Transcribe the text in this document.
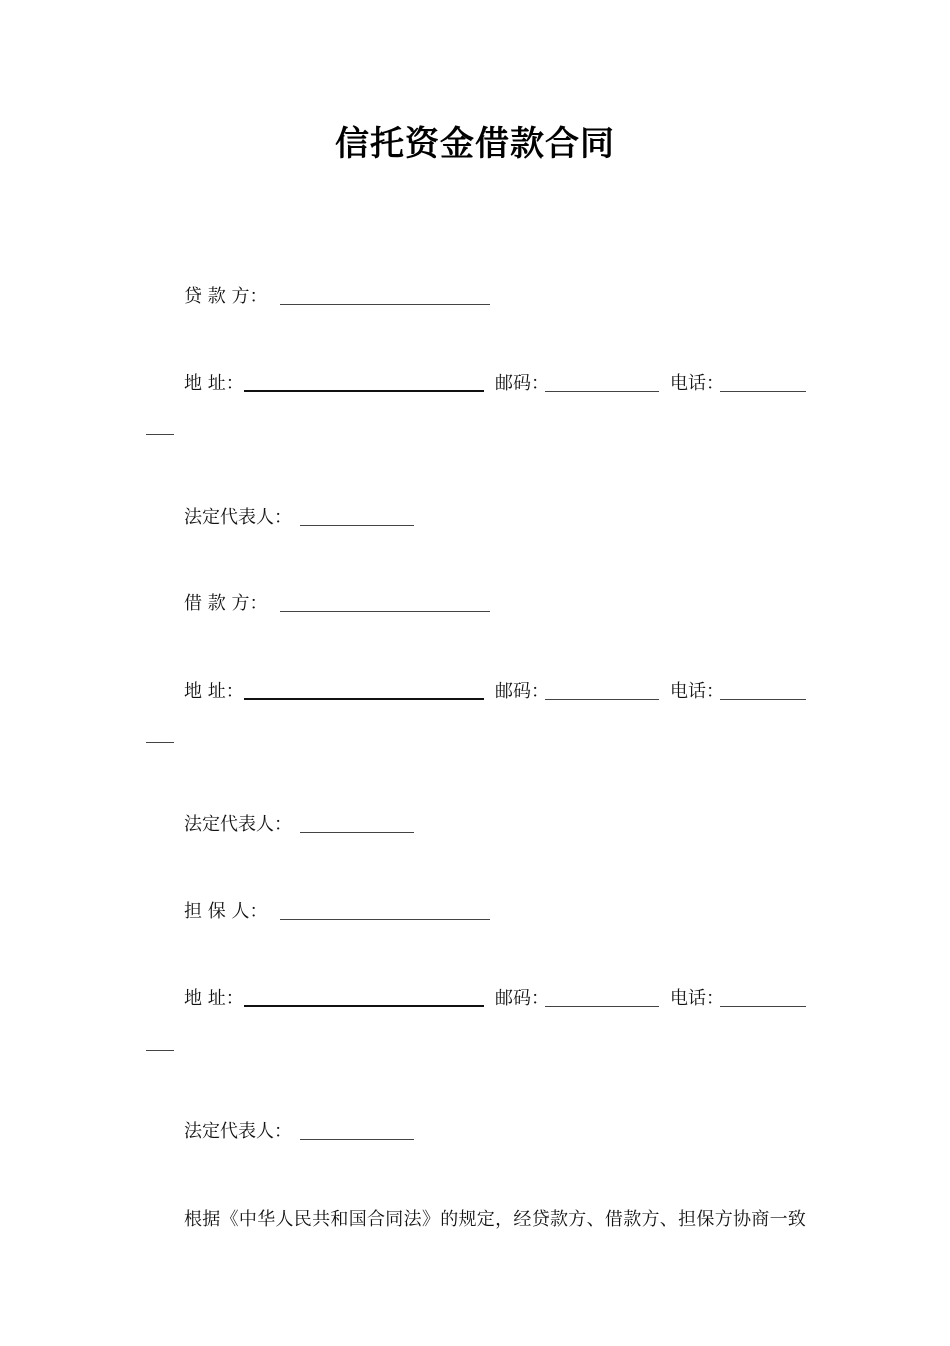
信托资金借款合同
贷 款 方：
地 址：	邮码：	电话：
法定代表人：
借 款 方：
地 址：	邮码：	电话：
法定代表人：
担 保 人：
地 址：	邮码：	电话：
法定代表人：
根据《中华人民共和国合同法》的规定，经贷款方、借款方、担保方协商一致
